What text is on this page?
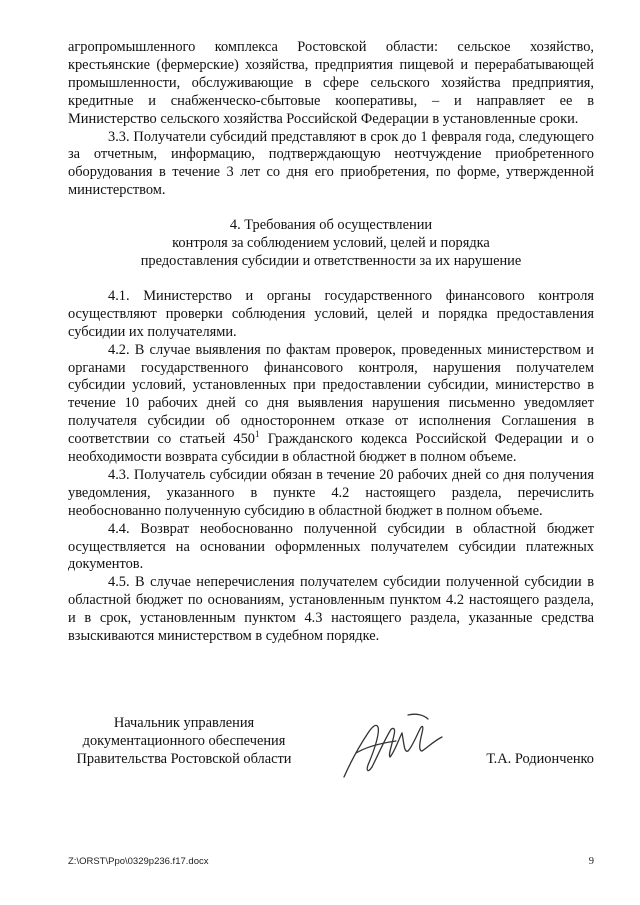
агропромышленного комплекса Ростовской области: сельское хозяйство, крестьянские (фермерские) хозяйства, предприятия пищевой и перерабатывающей промышленности, обслуживающие в сфере сельского хозяйства предприятия, кредитные и снабженческо-сбытовые кооперативы, – и направляет ее в Министерство сельского хозяйства Российской Федерации в установленные сроки.

3.3. Получатели субсидий представляют в срок до 1 февраля года, следующего за отчетным, информацию, подтверждающую неотчуждение приобретенного оборудования в течение 3 лет со дня его приобретения, по форме, утвержденной министерством.

4. Требования об осуществлении
контроля за соблюдением условий, целей и порядка
предоставления субсидии и ответственности за их нарушение

4.1. Министерство и органы государственного финансового контроля осуществляют проверки соблюдения условий, целей и порядка предоставления субсидии их получателями.

4.2. В случае выявления по фактам проверок, проведенных министерством и органами государственного финансового контроля, нарушения получателем субсидии условий, установленных при предоставлении субсидии, министерство в течение 10 рабочих дней со дня выявления нарушения письменно уведомляет получателя субсидии об одностороннем отказе от исполнения Соглашения в соответствии со статьей $450^1$ Гражданского кодекса Российской Федерации и о необходимости возврата субсидии в областной бюджет в полном объеме.

4.3. Получатель субсидии обязан в течение 20 рабочих дней со дня получения уведомления, указанного в пункте 4.2 настоящего раздела, перечислить необоснованно полученную субсидию в областной бюджет в полном объеме.

4.4. Возврат необоснованно полученной субсидии в областной бюджет осуществляется на основании оформленных получателем субсидии платежных документов.

4.5. В случае неперечисления получателем субсидии полученной субсидии в областной бюджет по основаниям, установленным пунктом 4.2 настоящего раздела, и в срок, установленным пунктом 4.3 настоящего раздела, указанные средства взыскиваются министерством в судебном порядке.

Начальник управления
документационного обеспечения
Правительства Ростовской области	Т.А. Родионченко
Z:\ORST\Ppo\0329p236.f17.docx	9
